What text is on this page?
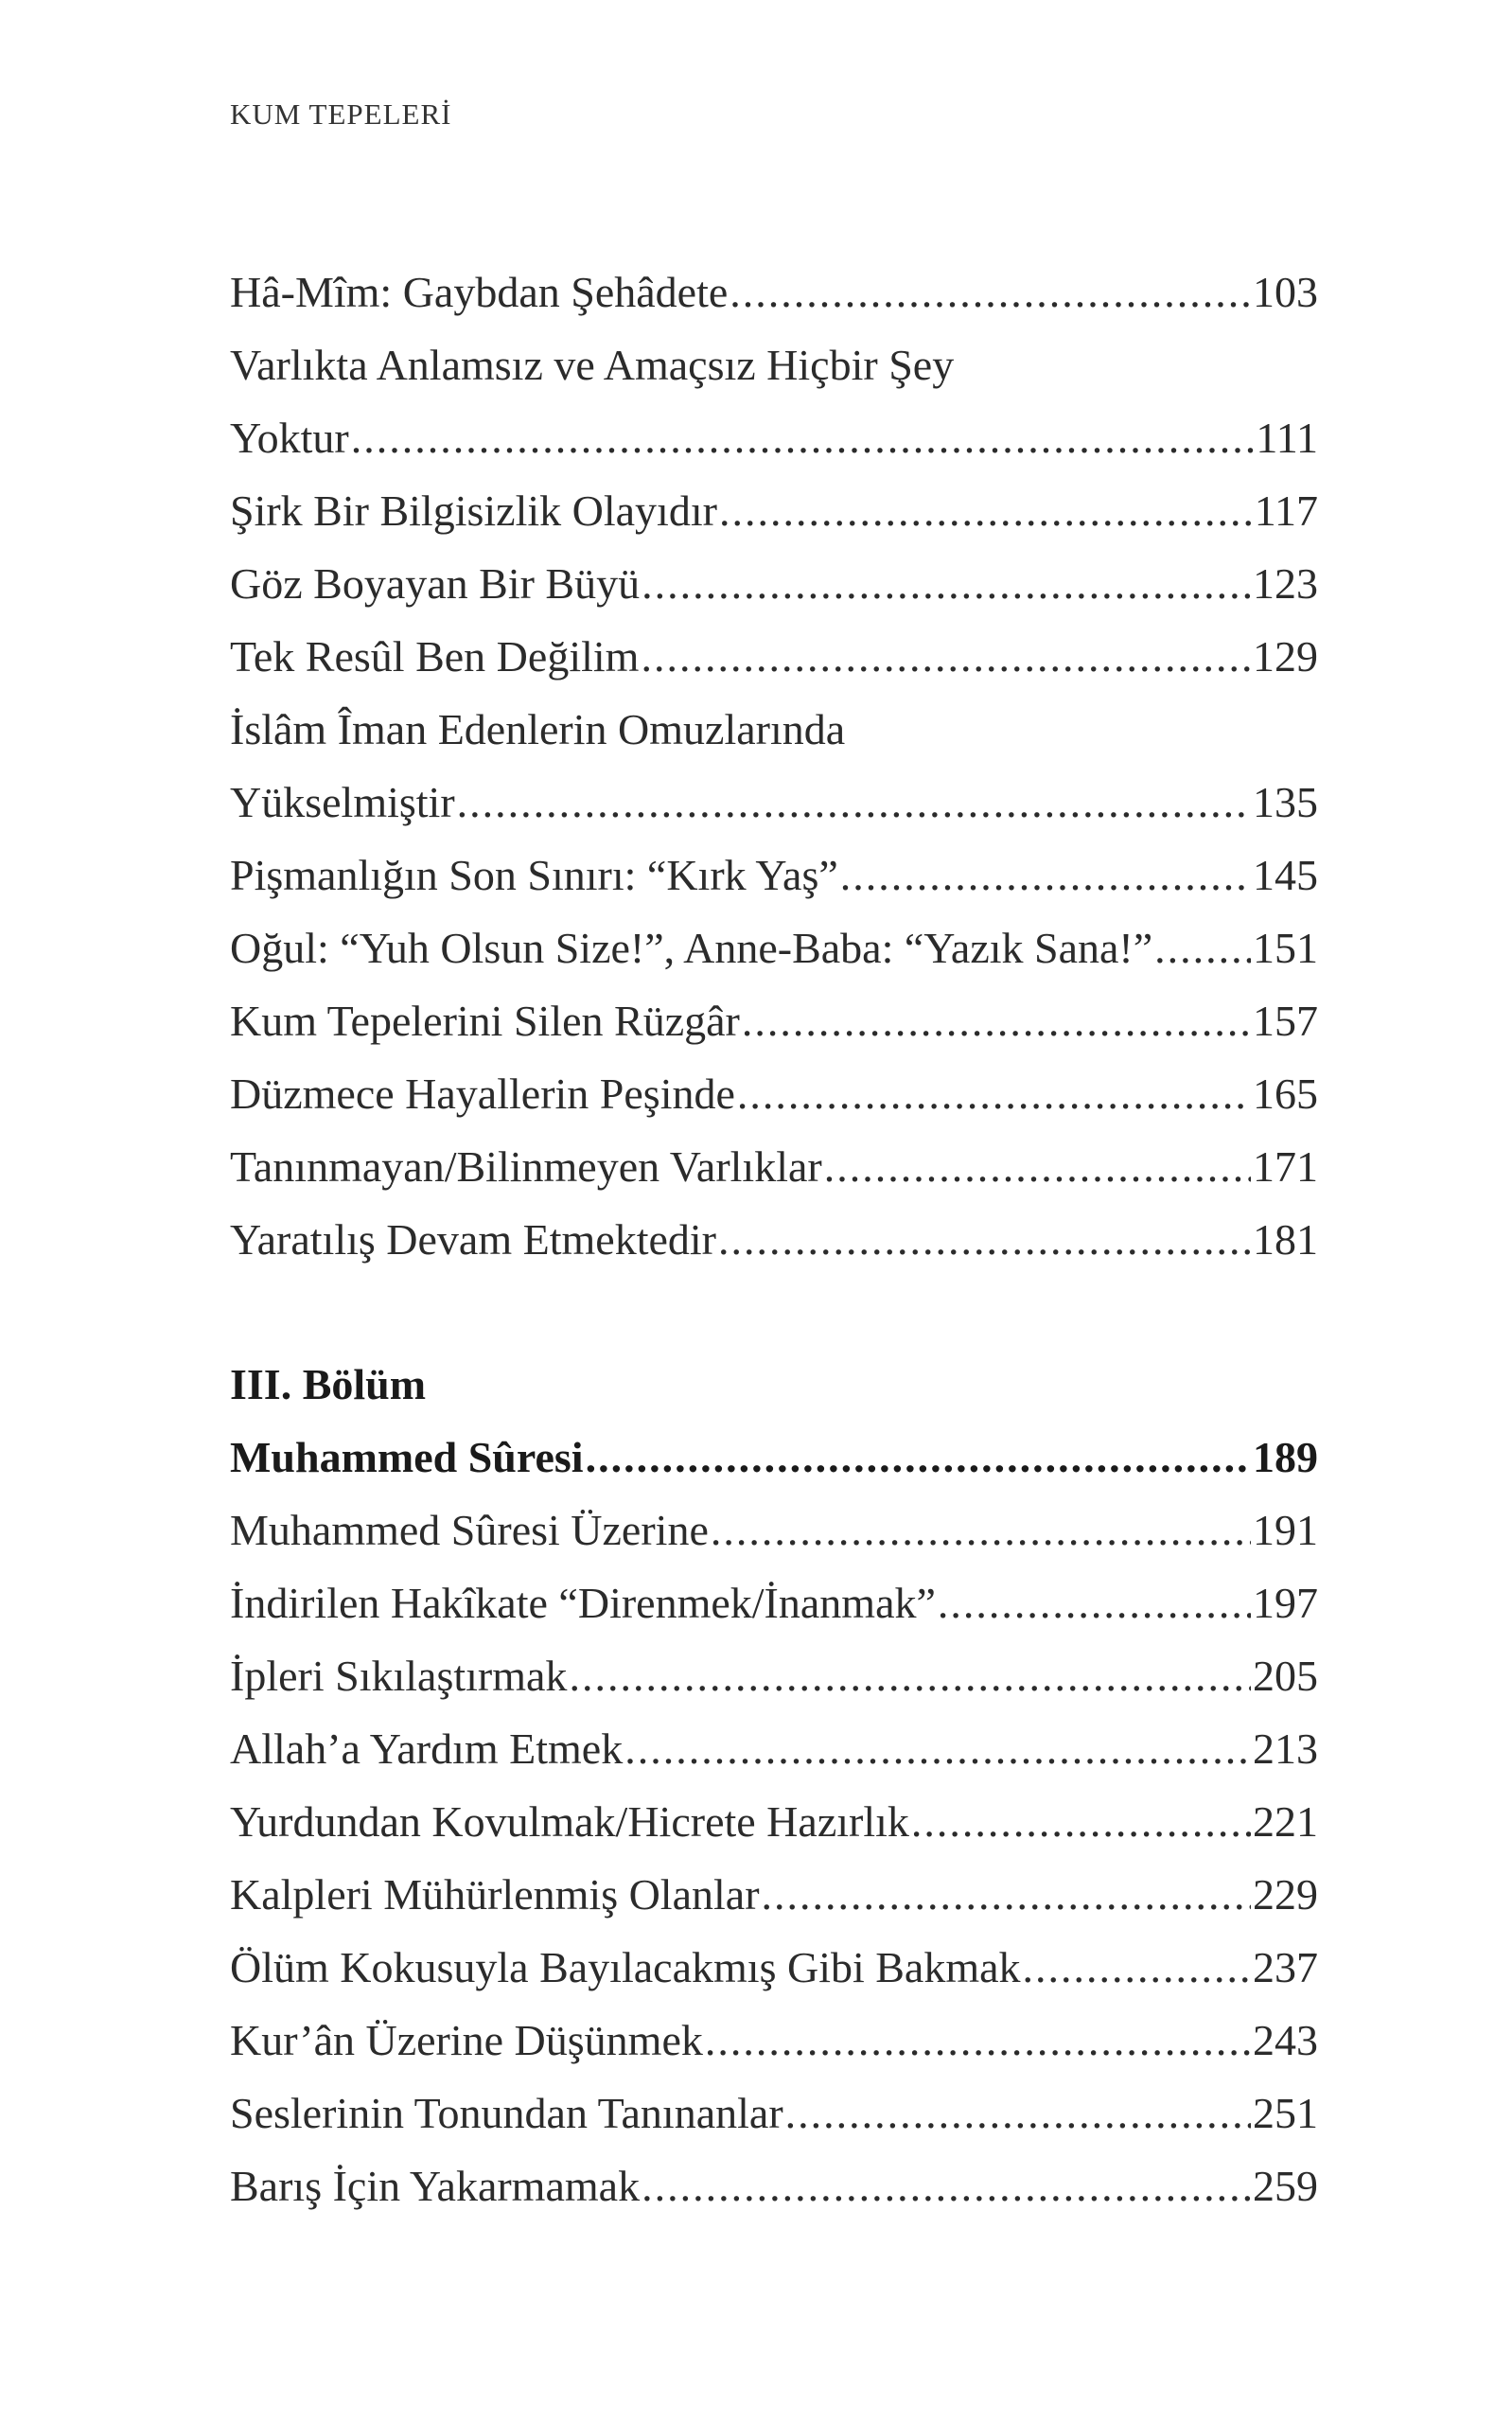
KUM TEPELERİ
Hâ-Mîm: Gaybdan Şehâdete .....	103
Varlıkta Anlamsız ve Amaçsız Hiçbir Şey
Yoktur .....	111
Şirk Bir Bilgisizlik Olayıdır .....	117
Göz Boyayan Bir Büyü .....	123
Tek Resûl Ben Değilim .....	129
İslâm Îman Edenlerin Omuzlarında
Yükselmiştir .....	135
Pişmanlığın Son Sınırı: “Kırk Yaş” .....	145
Oğul: “Yuh Olsun Size!”, Anne-Baba: “Yazık Sana!” ..... 151
Kum Tepelerini Silen Rüzgâr .....	157
Düzmece Hayallerin Peşinde .....	165
Tanınmayan/Bilinmeyen Varlıklar .....	171
Yaratılış Devam Etmektedir .....	181
III. Bölüm
Muhammed Sûresi .....	189
Muhammed Sûresi Üzerine .....	191
İndirilen Hakîkate “Direnmek/İnanmak” .....	197
İpleri Sıkılaştırmak .....	205
Allah’a Yardım Etmek .....	213
Yurdundan Kovulmak/Hicrete Hazırlık .....	221
Kalpleri Mühürlenmiş Olanlar .....	229
Ölüm Kokusuyla Bayılacakmış Gibi Bakmak .....	237
Kur’ân Üzerine Düşünmek .....	243
Seslerinin Tonundan Tanınanlar .....	251
Barış İçin Yakarmamak .....	259
